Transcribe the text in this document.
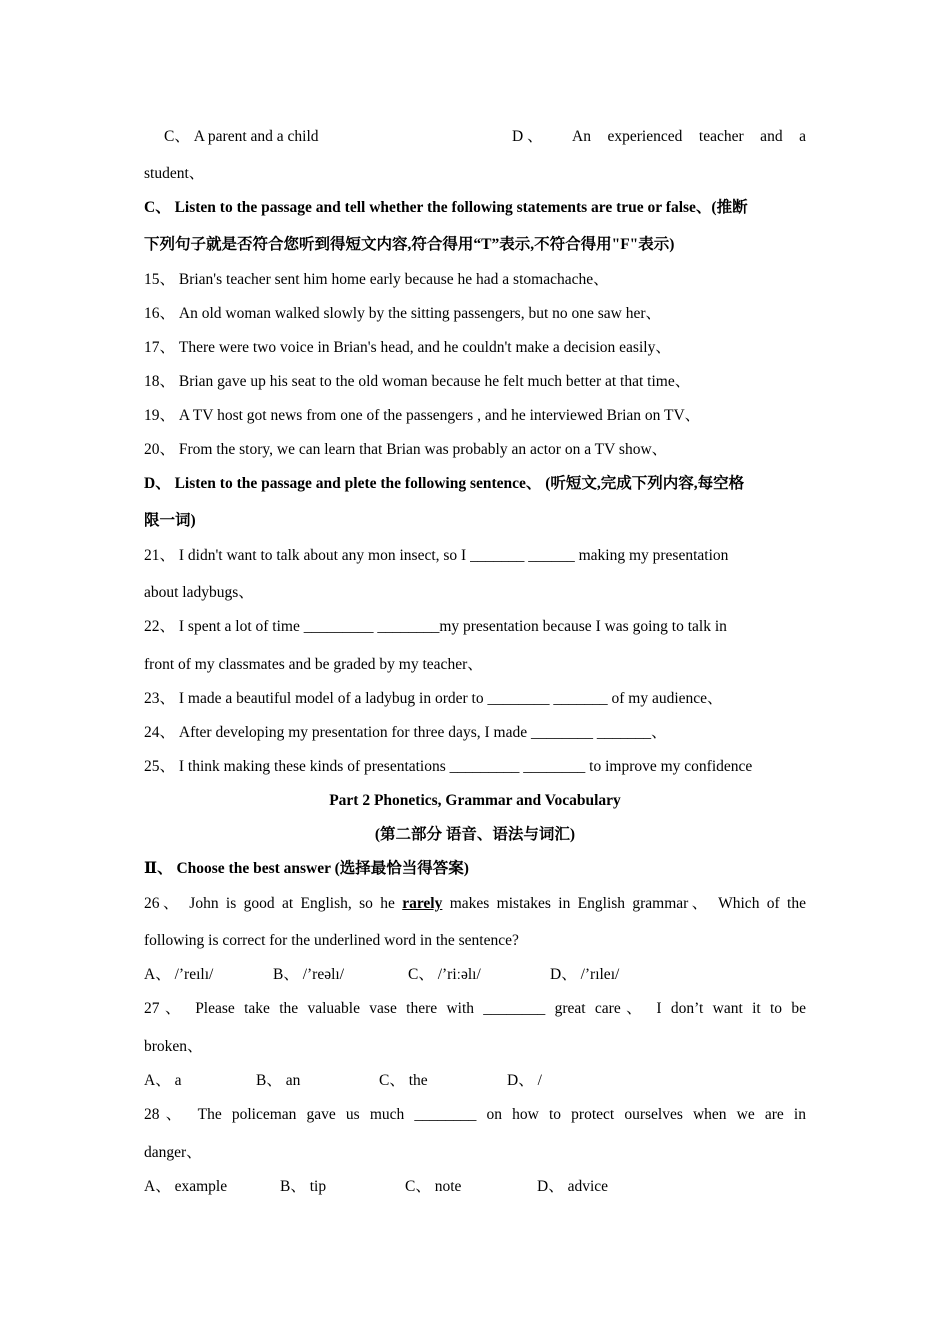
C、 A parent and a child	D 、 An experienced teacher and a
student、
C、 Listen to the passage and tell whether the following statements are true or false、(推断
下列句子就是否符合您听到得短文内容,符合得用“T”表示,不符合得用"F"表示)
15、 Brian's teacher sent him home early because he had a stomachache、
16、 An old woman walked slowly by the sitting passengers, but no one saw her、
17、 There were two voice in Brian's head, and he couldn't make a decision easily、
18、 Brian gave up his seat to the old woman because he felt much better at that time、
19、 A TV host got news from one of the passengers , and he interviewed Brian on TV、
20、 From the story, we can learn that Brian was probably an actor on a TV show、
D、 Listen to the passage and plete the following sentence、 (听短文,完成下列内容,每空格
限一词)
21、 I didn't want to talk about any mon insect, so I _______ ______ making my presentation
about ladybugs、
22、 I spent a lot of time _________ ________my presentation because I was going to talk in
front of my classmates and be graded by my teacher、
23、 I made a beautiful model of a ladybug in order to ________ _______ of my audience、
24、 After developing my presentation for three days, I made ________ _______、
25、 I think making these kinds of presentations _________ ________ to improve my confidence
Part 2 Phonetics, Grammar and Vocabulary
(第二部分 语音、语法与词汇)
Ⅱ、 Choose the best answer (选择最恰当得答案)
26、 John is good at English, so he rarely makes mistakes in English grammar、 Which of the
following is correct for the underlined word in the sentence?
A、 /’reılı/	B、 /’reəlı/	C、 /’riːəlı/	D、 /’rıleı/
27、 Please take the valuable vase there with ________ great care、 I don’t want it to be
broken、
A、 a	B、 an	C、 the	D、 /
28、 The policeman gave us much ________ on how to protect ourselves when we are in
danger、
A、 example	B、 tip	C、 note	D、 advice
